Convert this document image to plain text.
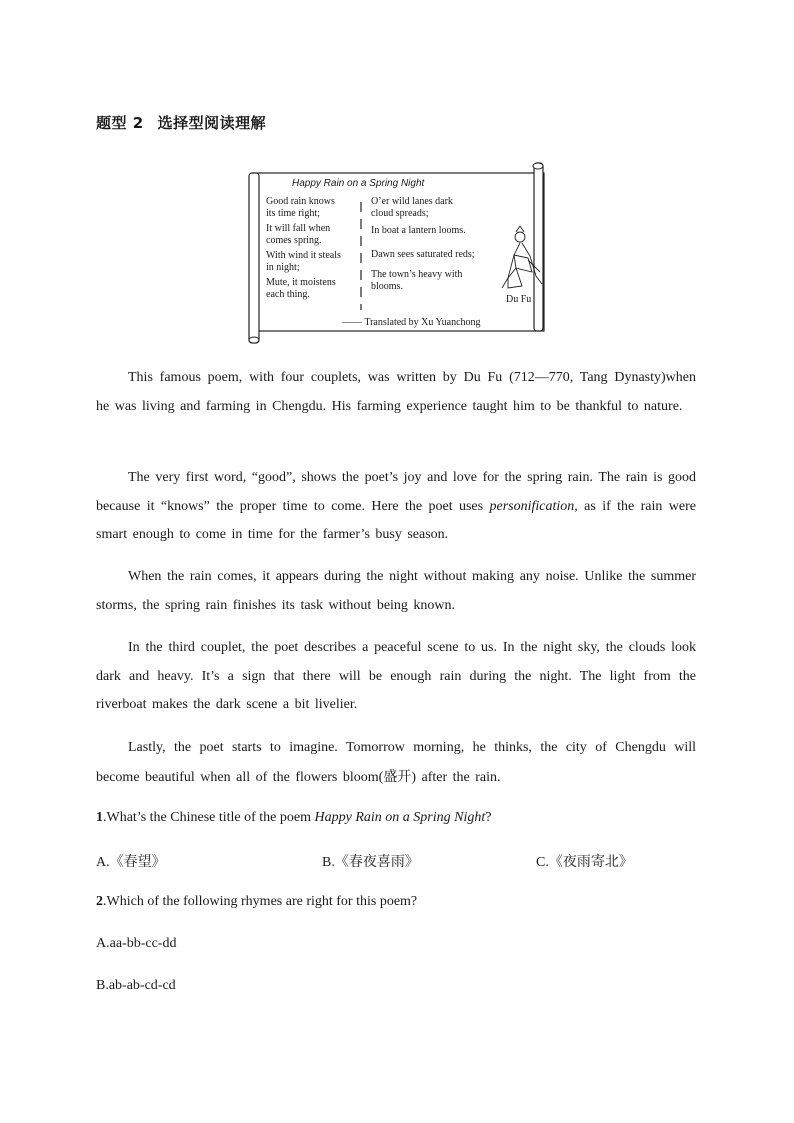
题型 2 选择型阅读理解
Happy Rain on a Spring Night
Good rain knows
its time right;
It will fall when
comes spring.
With wind it steals
in night;
Mute, it moistens
each thing.
O’er wild lanes dark
cloud spreads;
In boat a lantern looms.
Dawn sees saturated reds;
The town’s heavy with
blooms.
Du Fu
—— Translated by Xu Yuanchong
This famous poem, with four couplets, was written by Du Fu (712—770, Tang Dynasty)when he was living and farming in Chengdu. His farming experience taught him to be thankful to nature.
The very first word, “good”, shows the poet’s joy and love for the spring rain. The rain is good because it “knows” the proper time to come. Here the poet uses personification, as if the rain were smart enough to come in time for the farmer’s busy season.
When the rain comes, it appears during the night without making any noise. Unlike the summer storms, the spring rain finishes its task without being known.
In the third couplet, the poet describes a peaceful scene to us. In the night sky, the clouds look dark and heavy. It’s a sign that there will be enough rain during the night. The light from the riverboat makes the dark scene a bit livelier.
Lastly, the poet starts to imagine. Tomorrow morning, he thinks, the city of Chengdu will become beautiful when all of the flowers bloom(盛开) after the rain.
1.What’s the Chinese title of the poem Happy Rain on a Spring Night?
A.《春望》	B.《春夜喜雨》	C.《夜雨寄北》
2.Which of the following rhymes are right for this poem?
A.aa-bb-cc-dd
B.ab-ab-cd-cd
